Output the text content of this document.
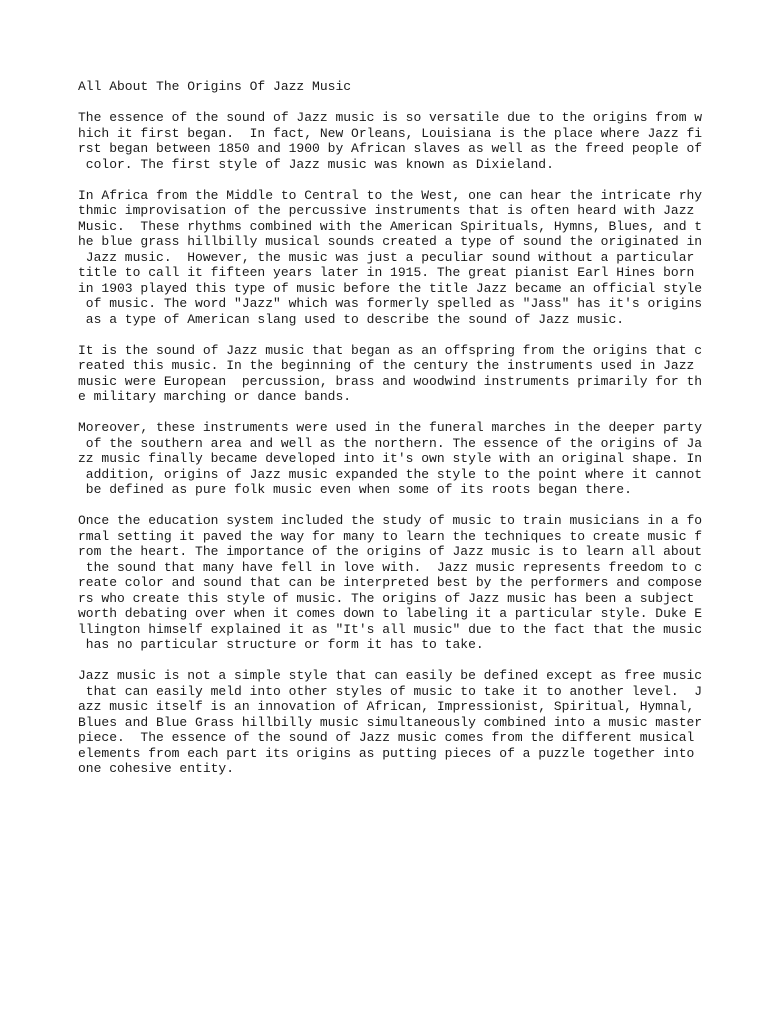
All About The Origins Of Jazz Music

The essence of the sound of Jazz music is so versatile due to the origins from w
hich it first began.  In fact, New Orleans, Louisiana is the place where Jazz fi
rst began between 1850 and 1900 by African slaves as well as the freed people of
color. The first style of Jazz music was known as Dixieland.

In Africa from the Middle to Central to the West, one can hear the intricate rhy
thmic improvisation of the percussive instruments that is often heard with Jazz
Music.  These rhythms combined with the American Spirituals, Hymns, Blues, and t
he blue grass hillbilly musical sounds created a type of sound the originated in
Jazz music.  However, the music was just a peculiar sound without a particular
title to call it fifteen years later in 1915. The great pianist Earl Hines born
in 1903 played this type of music before the title Jazz became an official style
of music. The word "Jazz" which was formerly spelled as "Jass" has it's origins
as a type of American slang used to describe the sound of Jazz music.

It is the sound of Jazz music that began as an offspring from the origins that c
reated this music. In the beginning of the century the instruments used in Jazz
music were European  percussion, brass and woodwind instruments primarily for th
e military marching or dance bands.

Moreover, these instruments were used in the funeral marches in the deeper party
of the southern area and well as the northern. The essence of the origins of Ja
zz music finally became developed into it's own style with an original shape. In
addition, origins of Jazz music expanded the style to the point where it cannot
be defined as pure folk music even when some of its roots began there.

Once the education system included the study of music to train musicians in a fo
rmal setting it paved the way for many to learn the techniques to create music f
rom the heart. The importance of the origins of Jazz music is to learn all about
the sound that many have fell in love with.  Jazz music represents freedom to c
reate color and sound that can be interpreted best by the performers and compose
rs who create this style of music. The origins of Jazz music has been a subject
worth debating over when it comes down to labeling it a particular style. Duke E
llington himself explained it as "It's all music" due to the fact that the music
has no particular structure or form it has to take.

Jazz music is not a simple style that can easily be defined except as free music
that can easily meld into other styles of music to take it to another level.  J
azz music itself is an innovation of African, Impressionist, Spiritual, Hymnal,
Blues and Blue Grass hillbilly music simultaneously combined into a music master
piece.  The essence of the sound of Jazz music comes from the different musical
elements from each part its origins as putting pieces of a puzzle together into
one cohesive entity.
